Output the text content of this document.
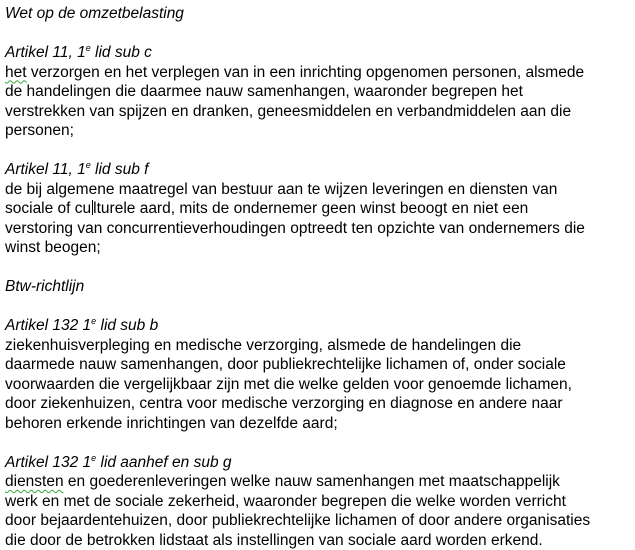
Wet op de omzetbelasting
Artikel 11, 1e lid sub c
het verzorgen en het verplegen van in een inrichting opgenomen personen, alsmede
de handelingen die daarmee nauw samenhangen, waaronder begrepen het
verstrekken van spijzen en dranken, geneesmiddelen en verbandmiddelen aan die
personen;
Artikel 11, 1e lid sub f
de bij algemene maatregel van bestuur aan te wijzen leveringen en diensten van
sociale of cu lturele aard, mits de ondernemer geen winst beoogt en niet een
verstoring van concurrentieverhoudingen optreedt ten opzichte van ondernemers die
winst beogen;
Btw-richtlijn
Artikel 132 1e lid sub b
ziekenhuisverpleging en medische verzorging, alsmede de handelingen die
daarmede nauw samenhangen, door publiekrechtelijke lichamen of, onder sociale
voorwaarden die vergelijkbaar zijn met die welke gelden voor genoemde lichamen,
door ziekenhuizen, centra voor medische verzorging en diagnose en andere naar
behoren erkende inrichtingen van dezelfde aard;
Artikel 132 1e lid aanhef en sub g
diensten en goederenleveringen welke nauw samenhangen met maatschappelijk
werk en met de sociale zekerheid, waaronder begrepen die welke worden verricht
door bejaardentehuizen, door publiekrechtelijke lichamen of door andere organisaties
die door de betrokken lidstaat als instellingen van sociale aard worden erkend.
